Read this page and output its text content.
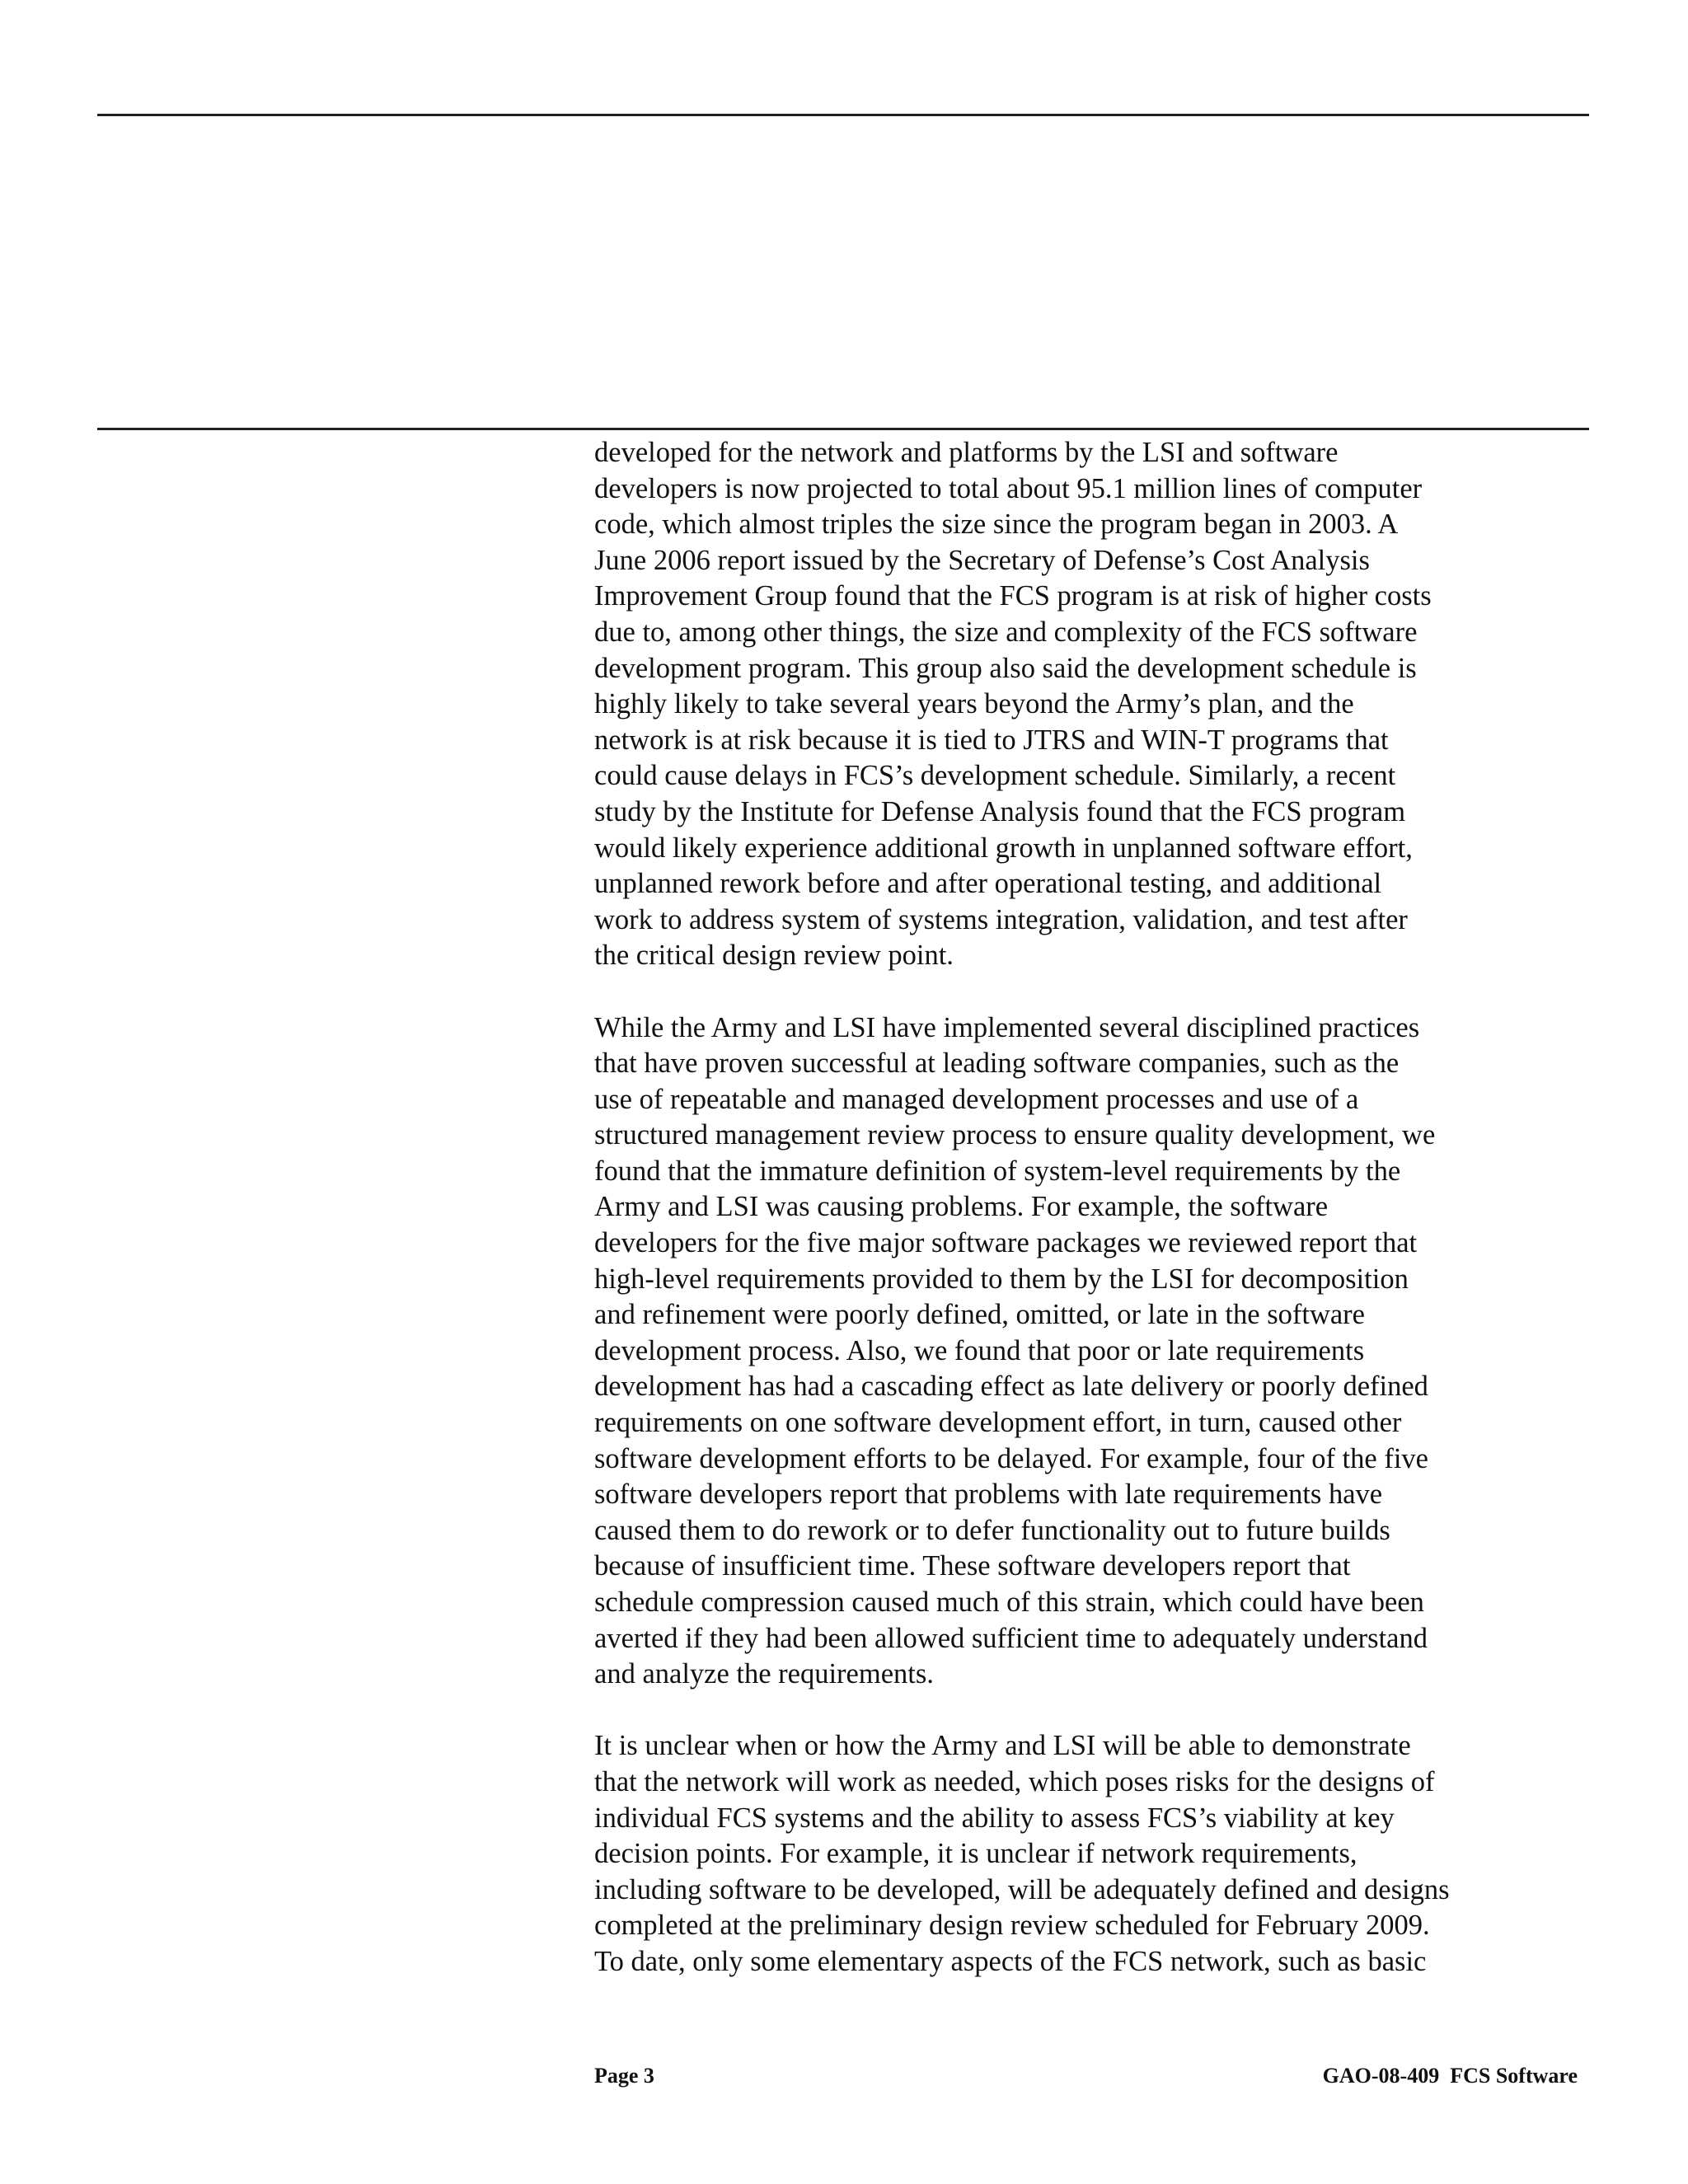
developed for the network and platforms by the LSI and software
developers is now projected to total about 95.1 million lines of computer
code, which almost triples the size since the program began in 2003. A
June 2006 report issued by the Secretary of Defense’s Cost Analysis
Improvement Group found that the FCS program is at risk of higher costs
due to, among other things, the size and complexity of the FCS software
development program. This group also said the development schedule is
highly likely to take several years beyond the Army’s plan, and the
network is at risk because it is tied to JTRS and WIN-T programs that
could cause delays in FCS’s development schedule. Similarly, a recent
study by the Institute for Defense Analysis found that the FCS program
would likely experience additional growth in unplanned software effort,
unplanned rework before and after operational testing, and additional
work to address system of systems integration, validation, and test after
the critical design review point.

While the Army and LSI have implemented several disciplined practices
that have proven successful at leading software companies, such as the
use of repeatable and managed development processes and use of a
structured management review process to ensure quality development, we
found that the immature definition of system-level requirements by the
Army and LSI was causing problems. For example, the software
developers for the five major software packages we reviewed report that
high-level requirements provided to them by the LSI for decomposition
and refinement were poorly defined, omitted, or late in the software
development process. Also, we found that poor or late requirements
development has had a cascading effect as late delivery or poorly defined
requirements on one software development effort, in turn, caused other
software development efforts to be delayed. For example, four of the five
software developers report that problems with late requirements have
caused them to do rework or to defer functionality out to future builds
because of insufficient time. These software developers report that
schedule compression caused much of this strain, which could have been
averted if they had been allowed sufficient time to adequately understand
and analyze the requirements.

It is unclear when or how the Army and LSI will be able to demonstrate
that the network will work as needed, which poses risks for the designs of
individual FCS systems and the ability to assess FCS’s viability at key
decision points. For example, it is unclear if network requirements,
including software to be developed, will be adequately defined and designs
completed at the preliminary design review scheduled for February 2009.
To date, only some elementary aspects of the FCS network, such as basic

Page 3	GAO-08-409  FCS Software
